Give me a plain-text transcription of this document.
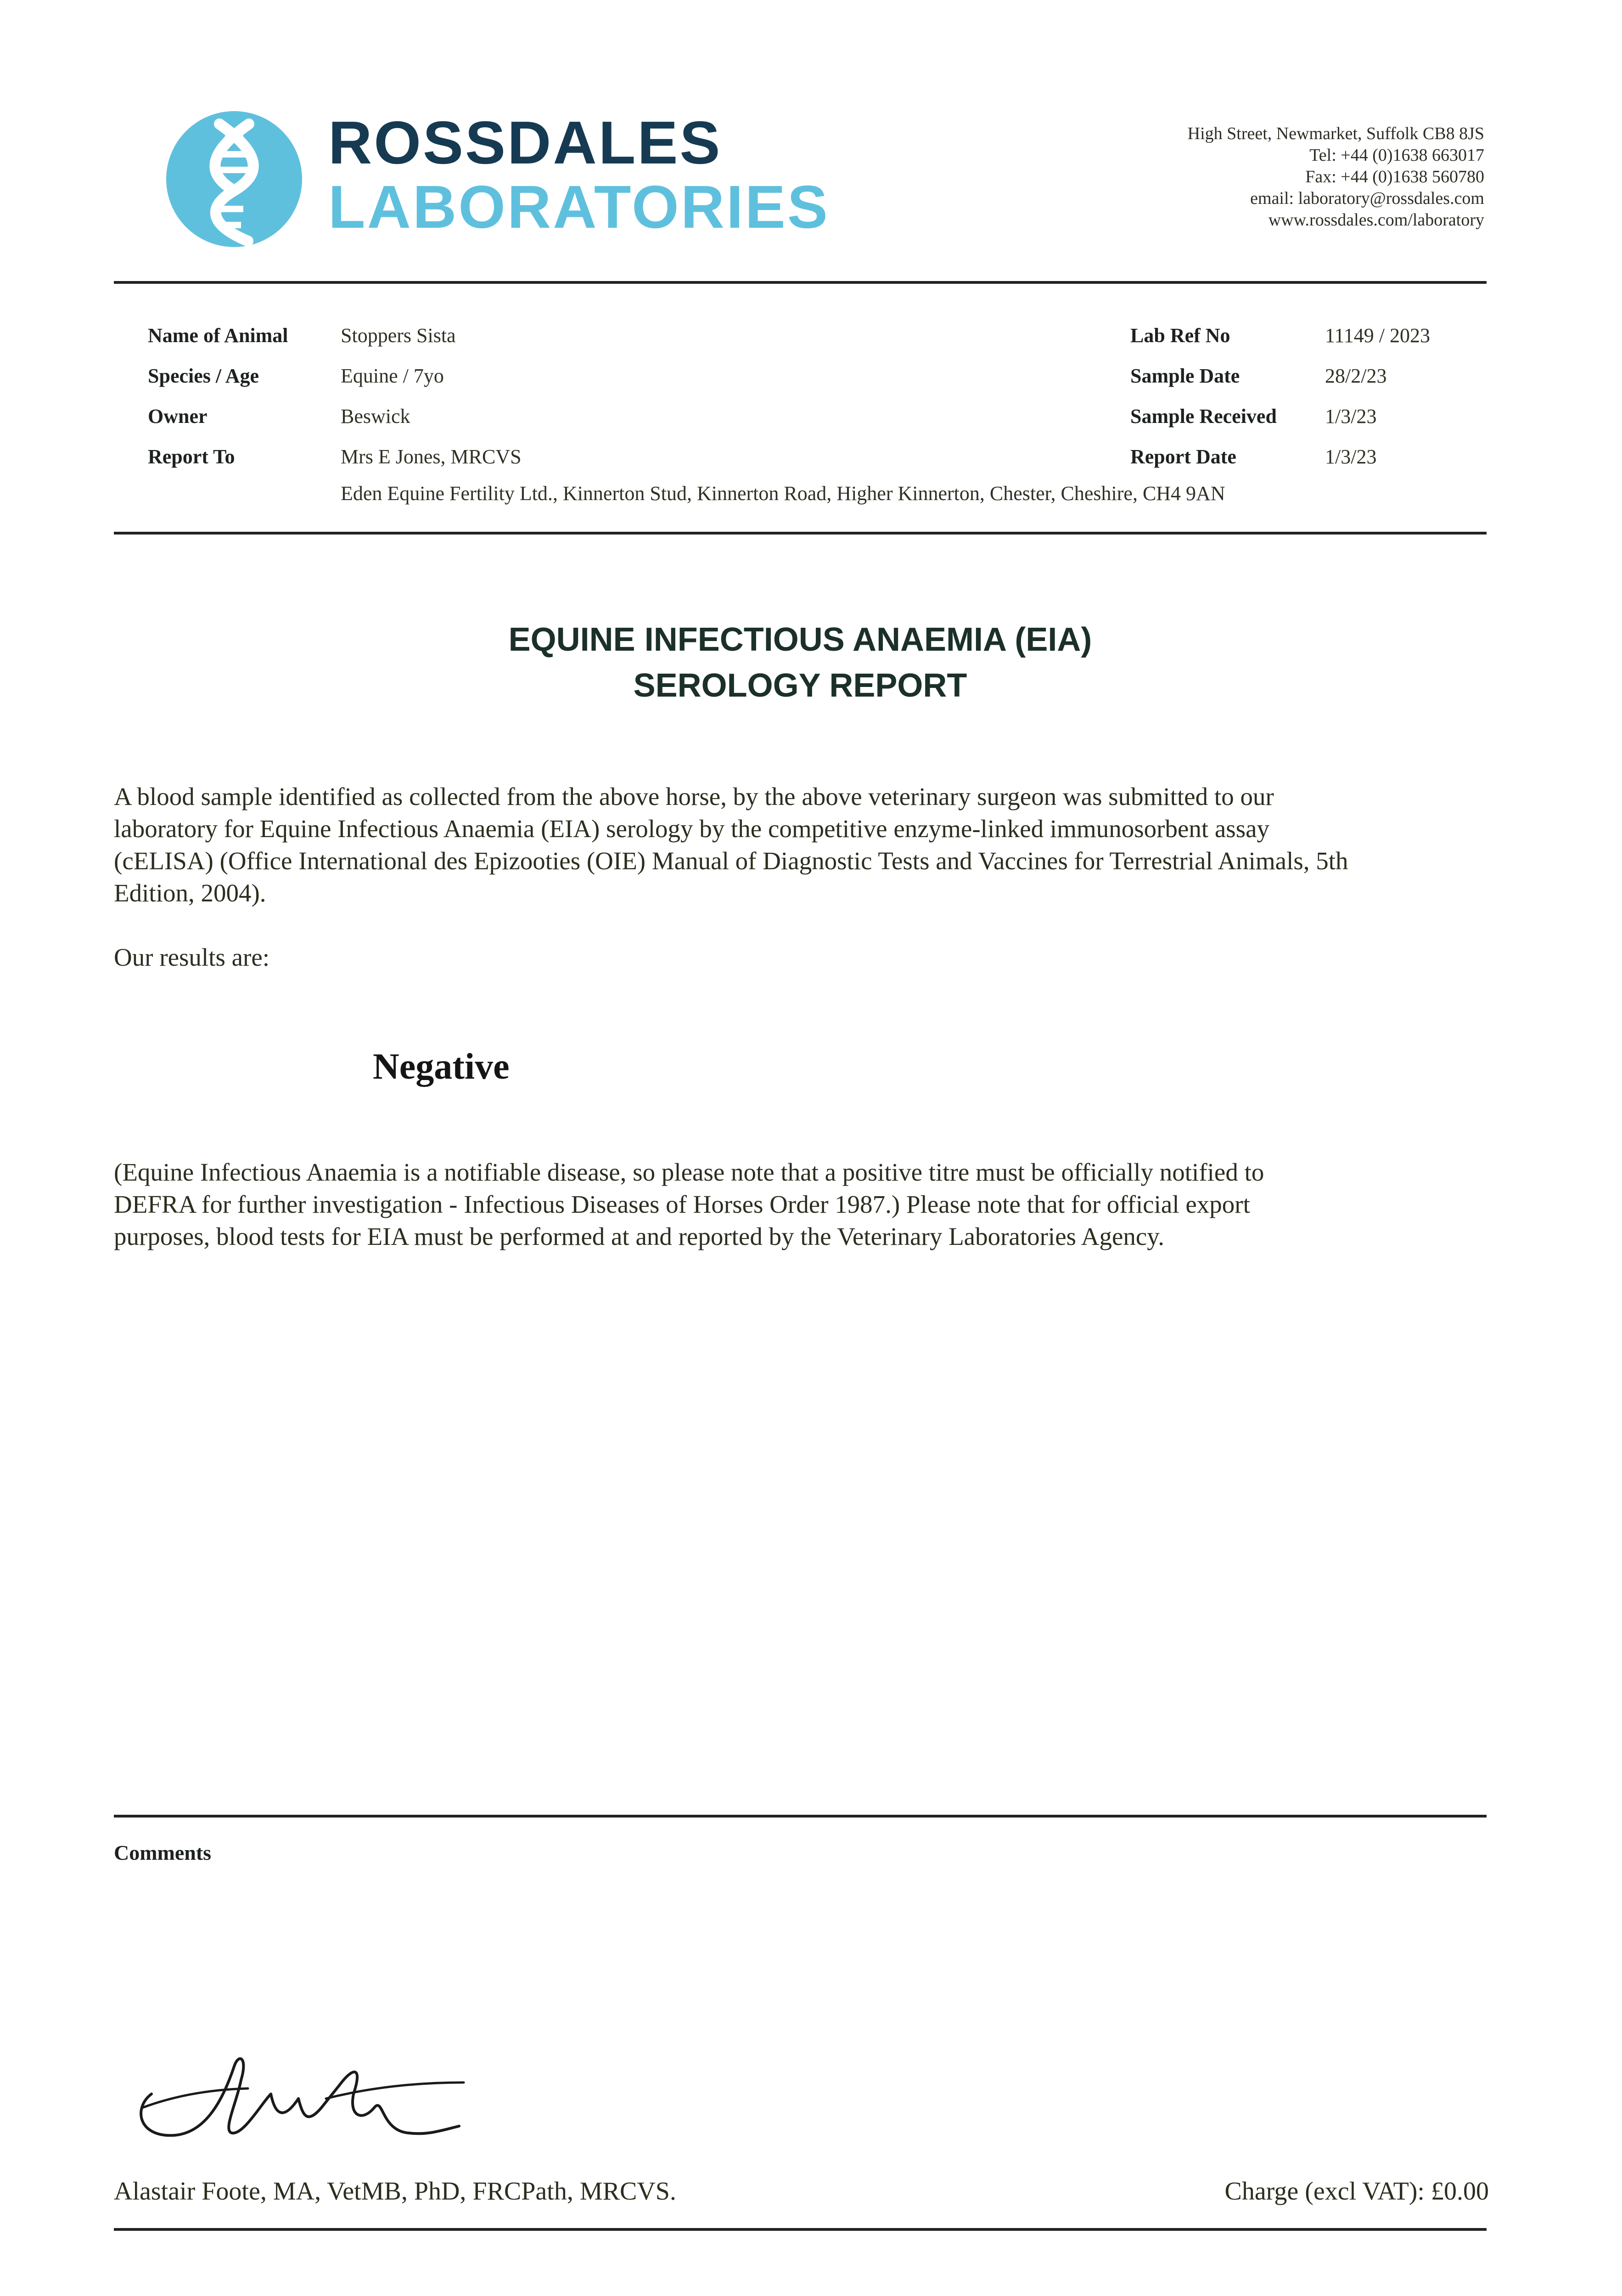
ROSSDALES
LABORATORIES
High Street, Newmarket, Suffolk CB8 8JS
Tel: +44 (0)1638 663017
Fax: +44 (0)1638 560780
email: laboratory@rossdales.com
www.rossdales.com/laboratory
Name of Animal	Stoppers Sista
Species / Age	Equine / 7yo
Owner	Beswick
Report To	Mrs E Jones, MRCVS
Eden Equine Fertility Ltd., Kinnerton Stud, Kinnerton Road, Higher Kinnerton, Chester, Cheshire, CH4 9AN
Lab Ref No	11149 / 2023
Sample Date	28/2/23
Sample Received 1/3/23
Report Date	1/3/23
EQUINE INFECTIOUS ANAEMIA (EIA)
SEROLOGY REPORT
A blood sample identified as collected from the above horse, by the above veterinary surgeon was submitted to our
laboratory for Equine Infectious Anaemia (EIA) serology by the competitive enzyme-linked immunosorbent assay
(cELISA) (Office International des Epizooties (OIE) Manual of Diagnostic Tests and Vaccines for Terrestrial Animals, 5th
Edition, 2004).
Our results are:
Negative
(Equine Infectious Anaemia is a notifiable disease, so please note that a positive titre must be officially notified to
DEFRA for further investigation - Infectious Diseases of Horses Order 1987.) Please note that for official export
purposes, blood tests for EIA must be performed at and reported by the Veterinary Laboratories Agency.
Comments
Alastair Foote, MA, VetMB, PhD, FRCPath, MRCVS.	Charge (excl VAT): £0.00
